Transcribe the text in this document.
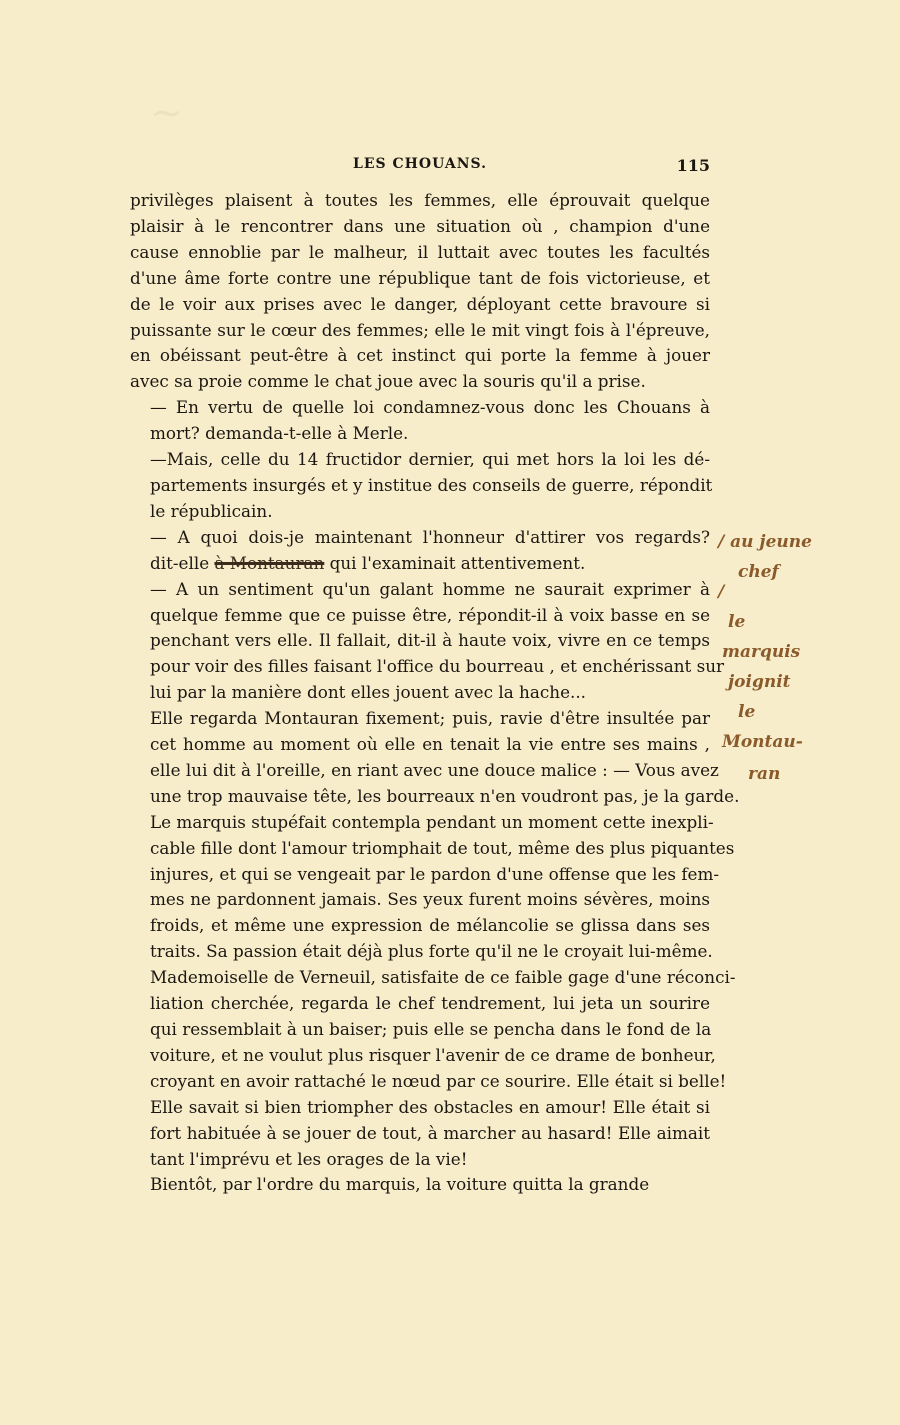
~
LES CHOUANS.	115

privilèges plaisent à toutes les femmes, elle éprouvait quelque
plaisir à le rencontrer dans une situation où , champion d'une
cause ennoblie par le malheur, il luttait avec toutes les facultés
d'une âme forte contre une république tant de fois victorieuse, et
de le voir aux prises avec le danger, déployant cette bravoure si
puissante sur le cœur des femmes; elle le mit vingt fois à l'épreuve,
en obéissant peut-être à cet instinct qui porte la femme à jouer
avec sa proie comme le chat joue avec la souris qu'il a prise.

— En vertu de quelle loi condamnez-vous donc les Chouans à
mort? demanda-t-elle à Merle.

—Mais, celle du 14 fructidor dernier, qui met hors la loi les dé-
partements insurgés et y institue des conseils de guerre, répondit
le républicain.

— A quoi dois-je maintenant l'honneur d'attirer vos regards?
dit-elle à Montauran qui l'examinait attentivement.

— A un sentiment qu'un galant homme ne saurait exprimer à
quelque femme que ce puisse être, répondit-il à voix basse en se
penchant vers elle. Il fallait, dit-il à haute voix, vivre en ce temps
pour voir des filles faisant l'office du bourreau , et enchérissant sur
lui par la manière dont elles jouent avec la hache...

Elle regarda Montauran fixement; puis, ravie d'être insultée par
cet homme au moment où elle en tenait la vie entre ses mains ,
elle lui dit à l'oreille, en riant avec une douce malice : — Vous avez
une trop mauvaise tête, les bourreaux n'en voudront pas, je la garde.

Le marquis stupéfait contempla pendant un moment cette inexpli-
cable fille dont l'amour triomphait de tout, même des plus piquantes
injures, et qui se vengeait par le pardon d'une offense que les fem-
mes ne pardonnent jamais. Ses yeux furent moins sévères, moins
froids, et même une expression de mélancolie se glissa dans ses
traits. Sa passion était déjà plus forte qu'il ne le croyait lui-même.
Mademoiselle de Verneuil, satisfaite de ce faible gage d'une réconci-
liation cherchée, regarda le chef tendrement, lui jeta un sourire
qui ressemblait à un baiser; puis elle se pencha dans le fond de la
voiture, et ne voulut plus risquer l'avenir de ce drame de bonheur,
croyant en avoir rattaché le nœud par ce sourire. Elle était si belle!
Elle savait si bien triompher des obstacles en amour! Elle était si
fort habituée à se jouer de tout, à marcher au hasard! Elle aimait
tant l'imprévu et les orages de la vie!

Bientôt, par l'ordre du marquis, la voiture quitta la grande

/ au jeune
chef
/
le
marquis
joignit
le
Montau-
ran
